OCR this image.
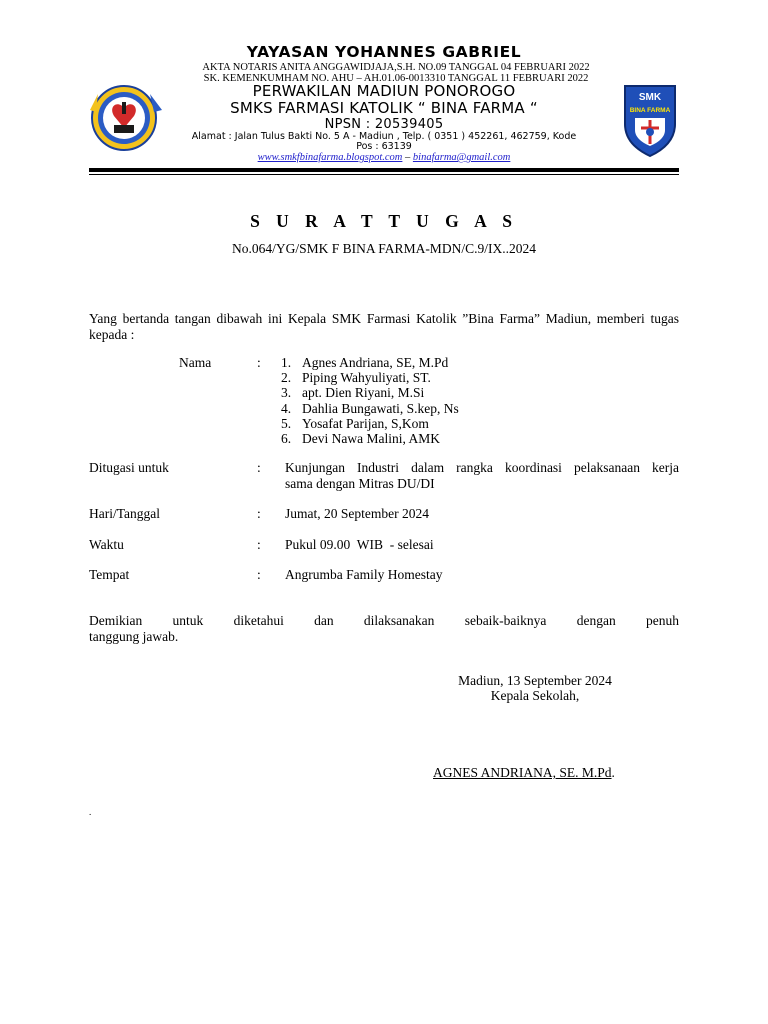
YAYASAN YOHANNES GABRIEL
AKTA NOTARIS ANITA ANGGAWIDJAJA,S.H. NO.09 TANGGAL 04 FEBRUARI 2022
SK. KEMENKUMHAM NO. AHU – AH.01.06-0013310 TANGGAL 11 FEBRUARI 2022
PERWAKILAN MADIUN PONOROGO
SMKS FARMASI KATOLIK “ BINA FARMA “
NPSN : 20539405
Alamat : Jalan Tulus Bakti No. 5 A - Madiun , Telp. ( 0351 ) 452261, 462759, Kode
Pos : 63139
www.smkfbinafarma.blogspot.com – binafarma@gmail.com
SMK
BINA FARMA
S U R A T T U G A S
No.064/YG/SMK F BINA FARMA-MDN/C.9/IX..2024
Yang bertanda tangan dibawah ini Kepala SMK Farmasi Katolik ”Bina Farma” Madiun, memberi tugas kepada :
Nama	: 1. Agnes Andriana, SE, M.Pd
2. Piping Wahyuliyati, ST.
3. apt. Dien Riyani, M.Si
4. Dahlia Bungawati, S.kep, Ns
5. Yosafat Parijan, S,Kom
6. Devi Nawa Malini, AMK
Ditugasi untuk	: Kunjungan Industri dalam rangka koordinasi pelaksanaan kerja
sama dengan Mitras DU/DI
Hari/Tanggal	: Jumat, 20 September 2024
Waktu	: Pukul 09.00  WIB  - selesai
Tempat	: Angrumba Family Homestay
Demikian untuk diketahui dan dilaksanakan sebaik-baiknya dengan penuh
tanggung jawab.
Madiun, 13 September 2024
Kepala Sekolah,
AGNES ANDRIANA, SE. M.Pd.
.
